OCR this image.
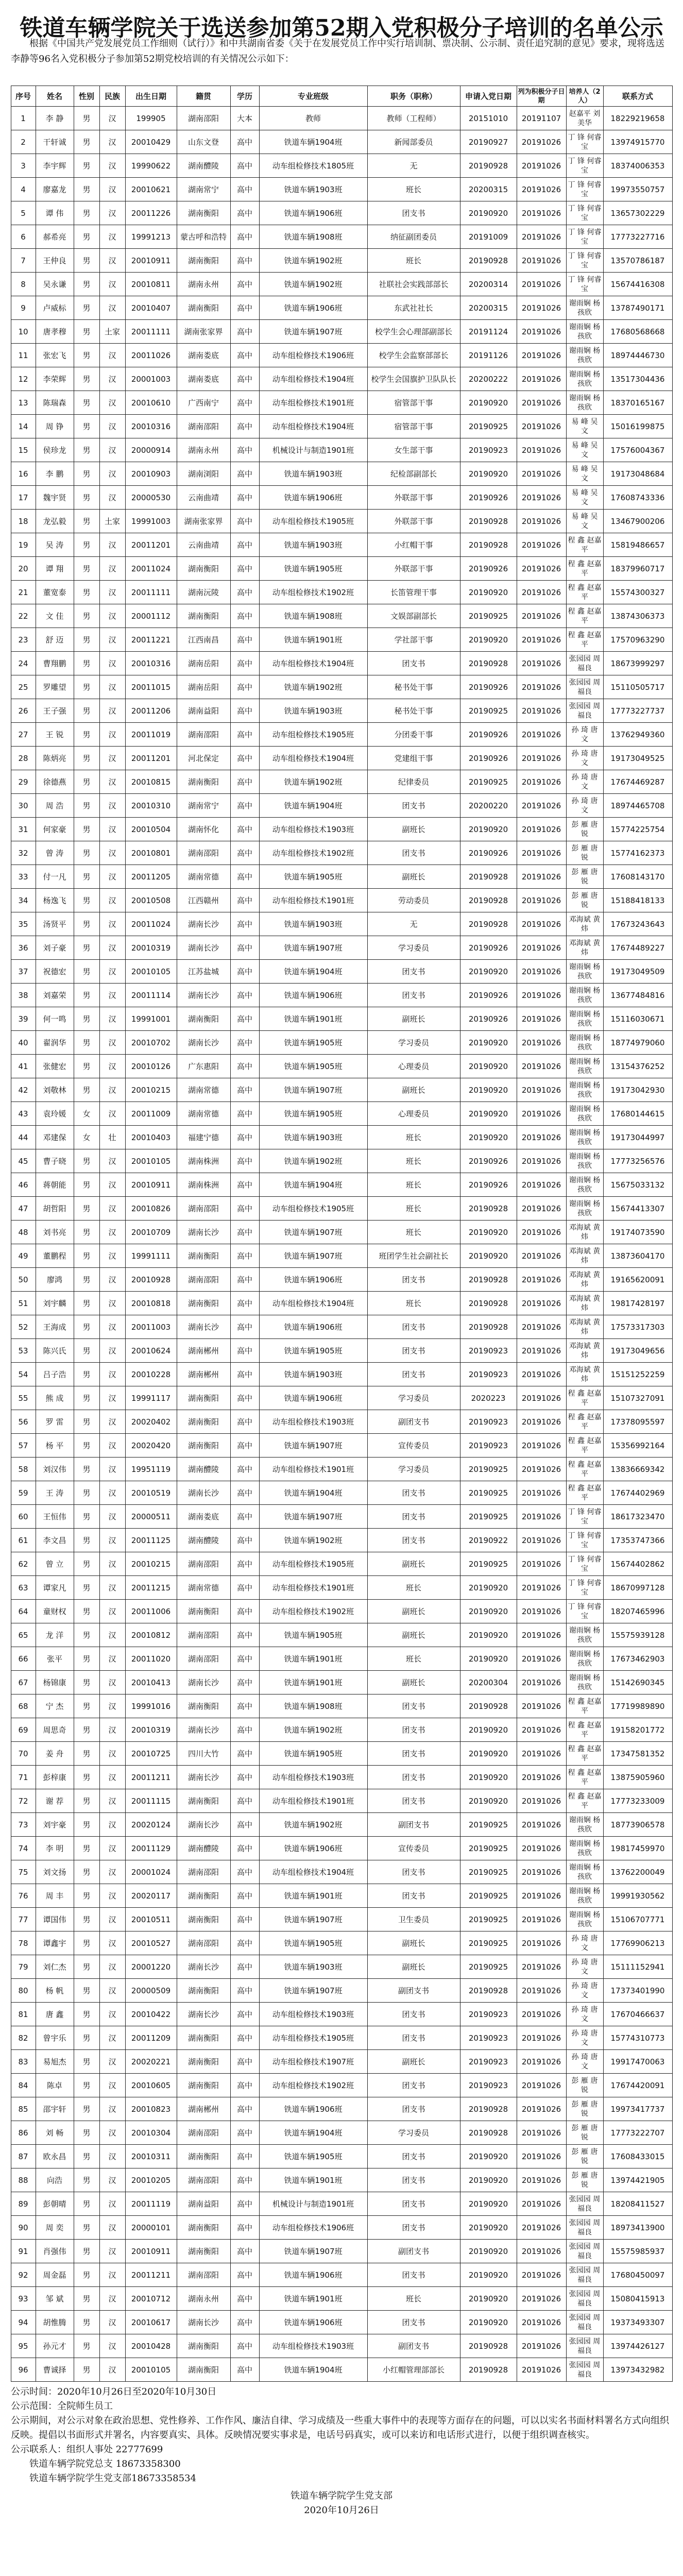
铁道车辆学院关于选送参加第52期入党积极分子培训的名单公示
根据《中国共产党发展党员工作细则（试行）》和中共湖南省委《关于在发展党员工作中实行培训制、票决制、公示制、责任追究制的意见》要求，现将选送李静等96名入党积极分子参加第52期党校培训的有关情况公示如下：
序号	姓名	性别	民族	出生日期	籍贯	学历	专业班级	职务（职称）	申请入党日期	列为积极分子日期	培养人（2人）	联系方式
1	李 静	男	汉	199905	湖南邵阳	大本	教师	教师（工程师）	20151010	20191107	赵嘉平 刘美华	18229219658
2	干轩诚	男	汉	20010429	山东文登	高中	铁道车辆1904班	新闻部委员	20190927	20191026	丁 锋 何睿宝	13974915770
3	李宇辉	男	汉	19990622	湖南醴陵	高中	动车组检修技术1805班	无	20190928	20191026	丁 锋 何睿宝	18374006353
4	廖嘉龙	男	汉	20010621	湖南常宁	高中	铁道车辆1903班	班长	20200315	20191026	丁 锋 何睿宝	19973550757
5	谭 伟	男	汉	20011226	湖南衡阳	高中	铁道车辆1906班	团支书	20190920	20191026	丁 锋 何睿宝	13657302229
6	郝希亮	男	汉	19991213	蒙古呼和浩特	高中	铁道车辆1908班	纳征副团委员	20191009	20191026	丁 锋 何睿宝	17773227716
7	王仲良	男	汉	20010911	湖南衡阳	高中	铁道车辆1902班	班长	20190928	20191026	丁 锋 何睿宝	13570786187
8	吴永谦	男	汉	20010811	湖南永州	高中	铁道车辆1902班	社联社会实践部部长	20200314	20191026	丁 锋 何睿宝	15674416308
9	卢威标	男	汉	20010407	湖南衡阳	高中	铁道车辆1906班	东武社社长	20200315	20191026	谢雨娴 杨孩欣	13787490171
10	唐孝穆	男	土家	20011111	湖南张家界	高中	铁道车辆1907班	校学生会心理部副部长	20191124	20191026	谢雨娴 杨孩欣	17680568668
11	张宏飞	男	汉	20011026	湖南娄底	高中	动车组检修技术1906班	校学生会监察部部长	20191126	20191026	谢雨娴 杨孩欣	18974446730
12	李荣辉	男	汉	20001003	湖南娄底	高中	动车组检修技术1904班	校学生会国旗护卫队队长	20200222	20191026	谢雨娴 杨孩欣	13517304436
13	陈瑞森	男	汉	20010610	广西南宁	高中	动车组检修技术1901班	宿管部干事	20190920	20191026	谢雨娴 杨孩欣	18370165167
14	周 铮	男	汉	20010316	湖南邵阳	高中	动车组检修技术1904班	宿管部干事	20190925	20191026	易 峰 吴 文	15016199875
15	侯珍龙	男	汉	20000914	湖南永州	高中	机械设计与制造1901班	女生部干事	20190923	20191026	易 峰 吴 文	17576004367
16	李 鹏	男	汉	20010903	湖南浏阳	高中	铁道车辆1903班	纪检部副部长	20190920	20191026	易 峰 吴 文	19173048684
17	魏宇贤	男	汉	20000530	云南曲靖	高中	铁道车辆1906班	外联部干事	20190926	20191026	易 峰 吴 文	17608743336
18	龙弘毅	男	土家	19991003	湖南张家界	高中	动车组检修技术1905班	外联部干事	20190928	20191026	易 峰 吴 文	13467900206
19	吴 涛	男	汉	20011201	云南曲靖	高中	铁道车辆1903班	小红帽干事	20190928	20191026	程 鑫 赵嘉平	15819486657
20	谭 翔	男	汉	20011024	湖南衡阳	高中	铁道车辆1905班	外联部干事	20190926	20191026	程 鑫 赵嘉平	18379960717
21	董宽泰	男	汉	20011111	湖南沅陵	高中	动车组检修技术1902班	长笛管理干事	20190920	20191026	程 鑫 赵嘉平	15574300327
22	文 佳	男	汉	20001112	湖南衡阳	高中	铁道车辆1908班	文娱部副部长	20190925	20191026	程 鑫 赵嘉平	13874306373
23	舒 迈	男	汉	20011221	江西南昌	高中	铁道车辆1901班	学社部干事	20190920	20191026	程 鑫 赵嘉平	17570963290
24	曹翔鹏	男	汉	20010316	湖南岳阳	高中	动车组检修技术1904班	团支书	20190928	20191026	张园园 周福良	18673999297
25	罗雕望	男	汉	20011015	湖南岳阳	高中	铁道车辆1902班	秘书处干事	20190926	20191026	张园园 周福良	15110505717
26	王子强	男	汉	20011206	湖南益阳	高中	铁道车辆1903班	秘书处干事	20190925	20191026	张园园 周福良	17773227737
27	王 锐	男	汉	20011019	湖南邵阳	高中	动车组检修技术1905班	分团委干事	20190926	20191026	孙 琦 唐 文	13762949360
28	陈炳亮	男	汉	20011201	河北保定	高中	动车组检修技术1904班	党建组干事	20190926	20191026	孙 琦 唐 文	19173049525
29	徐德燕	男	汉	20010815	湖南衡阳	高中	铁道车辆1902班	纪律委员	20190925	20191026	孙 琦 唐 文	17674469287
30	周 浩	男	汉	20010310	湖南常宁	高中	铁道车辆1904班	团支书	20200220	20191026	孙 琦 唐 文	18974465708
31	何家豪	男	汉	20010504	湖南怀化	高中	动车组检修技术1903班	副班长	20190920	20191026	彭 雁 唐 锐	15774225754
32	曾 涛	男	汉	20010801	湖南邵阳	高中	动车组检修技术1902班	团支书	20190926	20191026	彭 雁 唐 锐	15774162373
33	付一凡	男	汉	20011205	湖南常德	高中	铁道车辆1905班	副班长	20190928	20191026	彭 雁 唐 锐	17608143170
34	杨逸飞	男	汉	20010508	江西赣州	高中	动车组检修技术1901班	劳动委员	20190928	20191026	彭 雁 唐 锐	15188418133
35	汤贤平	男	汉	20011024	湖南长沙	高中	铁道车辆1903班	无	20190928	20191026	邓海斌 黄 炜	17673243643
36	刘子豪	男	汉	20010319	湖南长沙	高中	铁道车辆1907班	学习委员	20190926	20191026	邓海斌 黄 炜	17674489227
37	祝德宏	男	汉	20010105	江苏盐城	高中	铁道车辆1904班	团支书	20190920	20191026	谢雨娴 杨孩欣	19173049509
38	刘嘉荣	男	汉	20011114	湖南长沙	高中	铁道车辆1906班	团支书	20190926	20191026	谢雨娴 杨孩欣	13677484816
39	何一鸣	男	汉	19991001	湖南衡阳	高中	铁道车辆1901班	副班长	20190926	20191026	谢雨娴 杨孩欣	15116030671
40	翟润华	男	汉	20010702	湖南长沙	高中	铁道车辆1905班	学习委员	20190920	20191026	谢雨娴 杨孩欣	18774979060
41	张健宏	男	汉	20010126	广东惠阳	高中	铁道车辆1905班	心理委员	20190920	20191026	谢雨娴 杨孩欣	13154376252
42	刘敬林	男	汉	20010215	湖南常德	高中	铁道车辆1907班	副班长	20190920	20191026	谢雨娴 杨孩欣	19173042930
43	袁玲媛	女	汉	20011009	湖南常德	高中	铁道车辆1905班	心理委员	20190920	20191026	谢雨娴 杨孩欣	17680144615
44	邓建保	女	壮	20010403	福建宁德	高中	铁道车辆1903班	班长	20190920	20191026	谢雨娴 杨孩欣	19173044997
45	曹子晓	男	汉	20010105	湖南株洲	高中	铁道车辆1902班	班长	20190926	20191026	谢雨娴 杨孩欣	17773256576
46	蒋朝能	男	汉	20010911	湖南株洲	高中	铁道车辆1904班	班长	20190926	20191026	谢雨娴 杨孩欣	15675033132
47	胡哲阳	男	汉	20010826	湖南邵阳	高中	动车组检修技术1905班	班长	20190928	20191026	谢雨娴 杨孩欣	15674413307
48	刘书亮	男	汉	20010709	湖南长沙	高中	铁道车辆1907班	班长	20190920	20191026	邓海斌 黄 炜	19174073590
49	董鹏程	男	汉	19991111	湖南衡阳	高中	铁道车辆1907班	班团学生社会副社长	20190920	20191026	邓海斌 黄 炜	13873604170
50	廖鸿	男	汉	20010928	湖南邵阳	高中	铁道车辆1906班	团支书	20190928	20191026	邓海斌 黄 炜	19165620091
51	刘宇麟	男	汉	20010818	湖南衡阳	高中	动车组检修技术1904班	班长	20190928	20191026	邓海斌 黄 炜	19817428197
52	王海成	男	汉	20011003	湖南长沙	高中	铁道车辆1906班	团支书	20190928	20191026	邓海斌 黄 炜	17573317303
53	陈兴氏	男	汉	20010624	湖南郴州	高中	铁道车辆1905班	团支书	20190923	20191026	邓海斌 黄 炜	19173049656
54	吕子浩	男	汉	20010228	湖南郴州	高中	铁道车辆1903班	团支书	20190923	20191026	邓海斌 黄 炜	15151252259
55	熊 成	男	汉	19991117	湖南衡阳	高中	铁道车辆1906班	学习委员	2020223	20191026	程 鑫 赵嘉平	15107327091
56	罗 雷	男	汉	20020402	湖南衡阳	高中	动车组检修技术1903班	副团支书	20190923	20191026	程 鑫 赵嘉平	17378095597
57	杨 平	男	汉	20020420	湖南衡阳	高中	铁道车辆1907班	宣传委员	20190923	20191026	程 鑫 赵嘉平	15356992164
58	刘汉伟	男	汉	19951119	湖南醴陵	高中	动车组检修技术1901班	学习委员	20190925	20191026	程 鑫 赵嘉平	13836669342
59	王 涛	男	汉	20010519	湖南长沙	高中	铁道车辆1904班	团支书	20190925	20191026	程 鑫 赵嘉平	17674402969
60	王恒伟	男	汉	20000511	湖南娄底	高中	铁道车辆1907班	团支书	20190925	20191026	丁 锋 何睿宝	18617323470
61	李文昌	男	汉	20011125	湖南醴陵	高中	铁道车辆1902班	团支书	20190922	20191026	丁 锋 何睿宝	17353747366
62	曾 立	男	汉	20010215	湖南邵阳	高中	动车组检修技术1905班	副班长	20190925	20191026	丁 锋 何睿宝	15674402862
63	谭家凡	男	汉	20011215	湖南常德	高中	动车组检修技术1901班	班长	20190920	20191026	丁 锋 何睿宝	18670997128
64	童财权	男	汉	20011006	湖南衡阳	高中	动车组检修技术1902班	副班长	20190920	20191026	丁 锋 何睿宝	18207465996
65	龙 洋	男	汉	20010812	湖南邵阳	高中	铁道车辆1905班	副班长	20190920	20191026	谢雨娴 杨孩欣	15575939128
66	张平	男	汉	20011020	湖南邵阳	高中	铁道车辆1901班	班长	20190920	20191026	谢雨娴 杨孩欣	17673462903
67	杨锦康	男	汉	20010413	湖南长沙	高中	铁道车辆1901班	副班长	20200304	20191026	谢雨娴 杨孩欣	15142690345
68	宁 杰	男	汉	19991016	湖南衡阳	高中	铁道车辆1908班	团支书	20190928	20191026	程 鑫 赵嘉平	17719989890
69	周思奇	男	汉	20010319	湖南长沙	高中	铁道车辆1902班	团支书	20190920	20191026	程 鑫 赵嘉平	19158201772
70	姜 舟	男	汉	20010725	四川大竹	高中	铁道车辆1905班	团支书	20190920	20191026	程 鑫 赵嘉平	17347581352
71	彭梓康	男	汉	20011211	湖南长沙	高中	动车组检修技术1903班	团支书	20190920	20191026	程 鑫 赵嘉平	13875905960
72	谢 荐	男	汉	20011115	湖南衡阳	高中	动车组检修技术1901班	团支书	20190920	20191026	程 鑫 赵嘉平	17773233009
73	刘宇豪	男	汉	20020124	湖南长沙	高中	铁道车辆1902班	副团支书	20190925	20191026	谢雨娴 杨孩欣	18773906578
74	李 明	男	汉	20011129	湖南醴陵	高中	铁道车辆1906班	宣传委员	20190925	20191026	谢雨娴 杨孩欣	19817459970
75	刘文扬	男	汉	20001024	湖南邵阳	高中	动车组检修技术1904班	团支书	20190925	20191026	谢雨娴 杨孩欣	13762200049
76	周 丰	男	汉	20020117	湖南衡阳	高中	铁道车辆1901班	团支书	20190925	20191026	谢雨娴 杨孩欣	19991930562
77	谭国伟	男	汉	20010511	湖南衡阳	高中	铁道车辆1907班	卫生委员	20190925	20191026	谢雨娴 杨孩欣	15106707771
78	谭鑫宇	男	汉	20010527	湖南邵阳	高中	铁道车辆1905班	副班长	20190925	20191026	孙 琦 唐 文	17769906213
79	刘仁杰	男	汉	20001220	湖南长沙	高中	铁道车辆1903班	副班长	20190925	20191026	孙 琦 唐 文	15111152941
80	杨 帆	男	汉	20000509	湖南衡阳	高中	铁道车辆1907班	副团支书	20190928	20191026	孙 琦 唐 文	17373401990
81	唐 鑫	男	汉	20010422	湖南长沙	高中	动车组检修技术1903班	团支书	20190923	20191026	孙 琦 唐 文	17670466637
82	曾宇乐	男	汉	20011209	湖南衡阳	高中	动车组检修技术1905班	团支书	20190923	20191026	孙 琦 唐 文	15774310773
83	易旭杰	男	汉	20020221	湖南衡阳	高中	动车组检修技术1907班	副班长	20190923	20191026	孙 琦 唐 文	19917470063
84	陈卓	男	汉	20010605	湖南衡阳	高中	动车组检修技术1902班	团支书	20190923	20191026	彭 雁 唐 锐	17674420091
85	邵宇轩	男	汉	20010823	湖南郴州	高中	铁道车辆1906班	团支书	20190928	20191026	彭 雁 唐 锐	19973417737
86	刘 畅	男	汉	20010304	湖南邵阳	高中	铁道车辆1904班	学习委员	20190928	20191026	彭 雁 唐 锐	17773222707
87	欧永昌	男	汉	20010311	湖南衡阳	高中	铁道车辆1905班	团支书	20190920	20191026	彭 雁 唐 锐	17608433015
88	向浩	男	汉	20010205	湖南邵阳	高中	铁道车辆1901班	团支书	20190920	20191026	彭 雁 唐 锐	13974421905
89	彭朝晴	男	汉	20011119	湖南益阳	高中	机械设计与制造1901班	团支书	20190920	20191026	张园园 周福良	18208411527
90	周 奕	男	汉	20000101	湖南衡阳	高中	动车组检修技术1906班	团支书	20190920	20191026	张园园 周福良	18973413900
91	肖强伟	男	汉	20010911	湖南衡阳	高中	铁道车辆1907班	副团支书	20190920	20191026	张园园 周福良	15575985937
92	周金磊	男	汉	20011211	湖南邵阳	高中	铁道车辆1906班	团支书	20190920	20191026	张园园 周福良	17680450097
93	邹 斌	男	汉	20010712	湖南永州	高中	铁道车辆1901班	班长	20190920	20191026	张园园 周福良	15080415913
94	胡惟腾	男	汉	20010617	湖南长沙	高中	铁道车辆1906班	团支书	20190920	20191026	张园园 周福良	19373493307
95	孙元才	男	汉	20010428	湖南衡阳	高中	动车组检修技术1903班	副团支书	20190928	20191026	张园园 周福良	13974426127
96	曹诚择	男	汉	20010105	湖南衡阳	高中	铁道车辆1904班	小红帽管理部部长	20190928	20191026	张园园 周福良	13973432982

公示时间：2020年10月26日至2020年10月30日

公示范围：全院师生员工

公示期间，对公示对象在政治思想、党性修养、工作作风、廉洁自律、学习成绩及一些重大事件中的表现等方面存在的问题，可以以实名书面材料署名方式向组织反映。提倡以书面形式并署名，内容要真实、具体。反映情况要实事求是，电话号码真实，或可以来访和电话形式进行，以便于组织调查核实。

公示联系人：组织人事处 22777699

铁道车辆学院党总支 18673358300

铁道车辆学院学生党支部18673358534

铁道车辆学院学生党支部
2020年10月26日
